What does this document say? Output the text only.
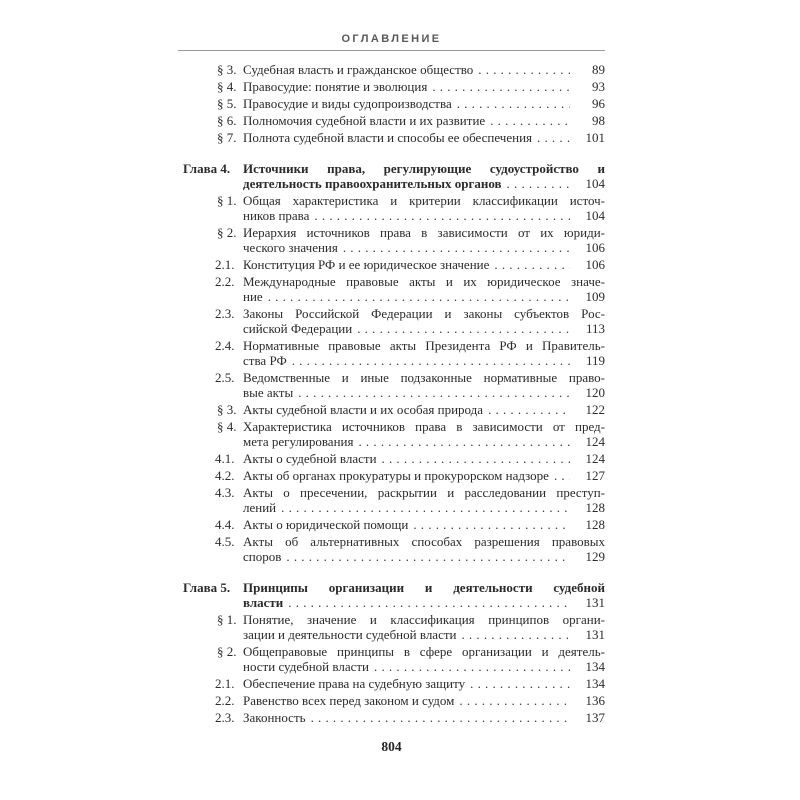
ОГЛАВЛЕНИЕ
§ 3. Судебная власть и гражданское общество .....	89
§ 4. Правосудие: понятие и эволюция .....	93
§ 5. Правосудие и виды судопроизводства .....	96
§ 6. Полномочия судебной власти и их развитие .....	98
§ 7. Полнота судебной власти и способы ее обеспечения .....	101
Глава 4. Источники права, регулирующие судоустройство и
деятельность правоохранительных органов .....	104
§ 1. Общая характеристика и критерии классификации источ-
ников права .....	104
§ 2. Иерархия источников права в зависимости от их юриди-
ческого значения .....	106
2.1. Конституция РФ и ее юридическое значение .....	106
2.2. Международные правовые акты и их юридическое значе-
ние .....	109
2.3. Законы Российской Федерации и законы субъектов Рос-
сийской Федерации .....	113
2.4. Нормативные правовые акты Президента РФ и Правитель-
ства РФ .....	119
2.5. Ведомственные и иные подзаконные нормативные право-
вые акты .....	120
§ 3. Акты судебной власти и их особая природа .....	122
§ 4. Характеристика источников права в зависимости от пред-
мета регулирования .....	124
4.1. Акты о судебной власти .....	124
4.2. Акты об органах прокуратуры и прокурорском надзоре .....	127
4.3. Акты о пресечении, раскрытии и расследовании преступ-
лений .....	128
4.4. Акты о юридической помощи .....	128
4.5. Акты об альтернативных способах разрешения правовых
споров .....	129
Глава 5. Принципы организации и деятельности судебной
власти .....	131
§ 1. Понятие, значение и классификация принципов органи-
зации и деятельности судебной власти .....	131
§ 2. Общеправовые принципы в сфере организации и деятель-
ности судебной власти .....	134
2.1. Обеспечение права на судебную защиту .....	134
2.2. Равенство всех перед законом и судом .....	136
2.3. Законность .....	137
804
